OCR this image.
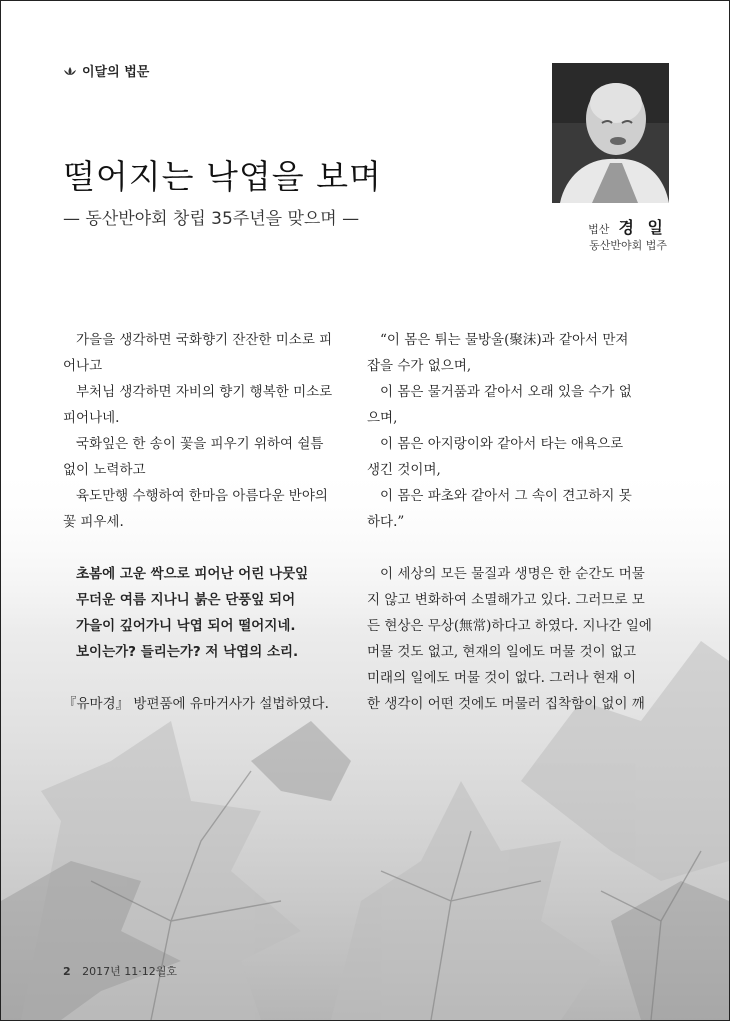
이달의 법문
떨어지는 낙엽을 보며
— 동산반야회 창립 35주년을 맞으며 —
법산 경 일
동산반야회 법주

가을을 생각하면 국화향기 잔잔한 미소로 피

어나고

부처님 생각하면 자비의 향기 행복한 미소로

피어나네.

국화잎은 한 송이 꽃을 피우기 위하여 쉴틈

없이 노력하고

육도만행 수행하여 한마음 아름다운 반야의

꽃 피우세.

초봄에 고운 싹으로 피어난 어린 나뭇잎

무더운 여름 지나니 붉은 단풍잎 되어

가을이 깊어가니 낙엽 되어 떨어지네.

보이는가? 들리는가? 저 낙엽의 소리.

『유마경』 방편품에 유마거사가 설법하였다.

“이 몸은 튀는 물방울(聚沫)과 같아서 만져

잡을 수가 없으며,

이 몸은 물거품과 같아서 오래 있을 수가 없

으며,

이 몸은 아지랑이와 같아서 타는 애욕으로

생긴 것이며,

이 몸은 파초와 같아서 그 속이 견고하지 못

하다.”

이 세상의 모든 물질과 생명은 한 순간도 머물

지 않고 변화하여 소멸해가고 있다. 그러므로 모

든 현상은 무상(無常)하다고 하였다. 지나간 일에

머물 것도 없고, 현재의 일에도 머물 것이 없고

미래의 일에도 머물 것이 없다. 그러나 현재 이

한 생각이 어떤 것에도 머물러 집착함이 없이 깨

2 2017년 11·12월호
